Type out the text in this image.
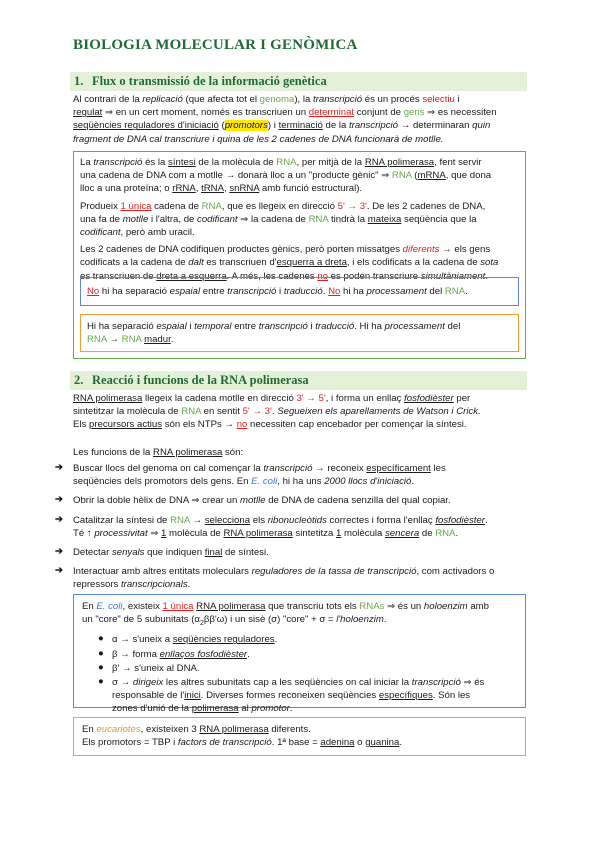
BIOLOGIA MOLECULAR I GENÒMICA
1. Flux o transmissió de la informació genètica

Al contrari de la replicació (que afecta tot el genoma), la transcripció és un procés selectiu i

regulat ⇒ en un cert moment, només es transcriuen un determinat conjunt de gens ⇒ es necessiten

seqüències reguladores d'iniciació (promotors) i terminació de la transcripció → determinaran quin

fragment de DNA cal transcriure i quina de les 2 cadenes de DNA funcionarà de motlle.

La transcripció és la síntesi de la molècula de RNA, per mitjà de la RNA polimerasa, fent servir

una cadena de DNA com a motlle → donarà lloc a un "producte gènic" ⇒ RNA (mRNA, que dona

lloc a una proteïna; o rRNA, tRNA, snRNA amb funció estructural).

Produeix 1 única cadena de RNA, que es llegeix en direcció 5' → 3'. De les 2 cadenes de DNA,

una fa de motlle i l'altra, de codificant ⇒ la cadena de RNA tindrà la mateixa seqüència que la

codificant, però amb uracil.

Les 2 cadenes de DNA codifiquen productes gènics, però porten missatges diferents → els gens

codificats a la cadena de dalt es transcriuen d'esquerra a dreta, i els codificats a la cadena de sota

es transcriuen de dreta a esquerra. A més, les cadenes no es poden transcriure simultàniament.

No hi ha separació espaial entre transcripció i traducció. No hi ha processament del RNA.

Hi ha separació espaial i temporal entre transcripció i traducció. Hi ha processament del

RNA → RNA madur.

2. Reacció i funcions de la RNA polimerasa

RNA polimerasa llegeix la cadena motlle en direcció 3' → 5', i forma un enllaç fosfodièster per

sintetitzar la molècula de RNA en sentit 5' → 3'. Segueixen els aparellaments de Watson i Crick.

Els precursors actius són els NTPs → no necessiten cap encebador per començar la síntesi.

Les funcions de la RNA polimerasa són:

➔ Buscar llocs del genoma on cal començar la transcripció → reconeix específicament les

seqüències dels promotors dels gens. En E. coli, hi ha uns 2000 llocs d'iniciació.

➔ Obrir la doble hèlix de DNA ⇒ crear un motlle de DNA de cadena senzilla del qual copiar.

➔ Catalitzar la síntesi de RNA → selecciona els ribonucleòtids correctes i forma l'enllaç fosfodièster.

Té ↑ processivitat ⇒ 1 molècula de RNA polimerasa sintetitza 1 molècula sencera de RNA.

➔ Detectar senyals que indiquen final de síntesi.

➔ Interactuar amb altres entitats moleculars reguladores de la tassa de transcripció, com activadors o

repressors transcripcionals.

En E. coli, existeix 1 única RNA polimerasa que transcriu tots els RNAs ⇒ és un holoenzim amb

un "core" de 5 subunitats $(\alpha_2\beta\beta'\omega)$ i un sisè (σ) "core" + σ = l'holoenzim.

● α → s'uneix a seqüències reguladores.

● β → forma enllaços fosfodièster.

● β' → s'uneix al DNA.

● σ → dirigeix les altres subunitats cap a les seqüències on cal iniciar la transcripció ⇒ és

responsable de l'inici. Diverses formes reconeixen seqüències específiques. Són les

zones d'unió de la polimerasa al promotor.

En eucariotes, existeixen 3 RNA polimerasa diferents.

Els promotors = TBP i factors de transcripció. 1ª base = adenina o guanina.
